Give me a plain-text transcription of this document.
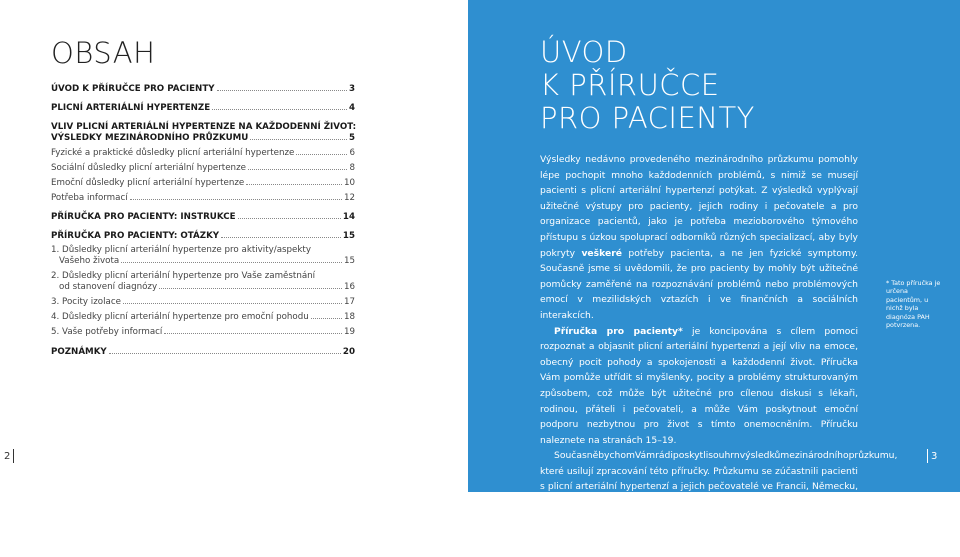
OBSAH
ÚVOD K PŘÍRUČCE PRO PACIENTY	3
PLICNÍ ARTERIÁLNÍ HYPERTENZE	4
VLIV PLICNÍ ARTERIÁLNÍ HYPERTENZE NA KAŽDODENNÍ ŽIVOT:
VÝSLEDKY MEZINÁRODNÍHO PRŮZKUMU	5
Fyzické a praktické důsledky plicní arteriální hypertenze	6
Sociální důsledky plicní arteriální hypertenze	8
Emoční důsledky plicní arteriální hypertenze	10
Potřeba informací	12
PŘÍRUČKA PRO PACIENTY: INSTRUKCE	14
PŘÍRUČKA PRO PACIENTY: OTÁZKY	15
1. Důsledky plicní arteriální hypertenze pro aktivity/aspekty
Vašeho života	15
2. Důsledky plicní arteriální hypertenze pro Vaše zaměstnání
od stanovení diagnózy	16
3. Pocity izolace	17
4. Důsledky plicní arteriální hypertenze pro emoční pohodu	18
5. Vaše potřeby informací	19
POZNÁMKY	20
2
ÚVOD
K PŘÍRUČCE
PRO PACIENTY

Výsledky nedávno provedeného mezinárodního průzkumu pomohly lépe pochopit mnoho každodenních problémů, s nimiž se musejí pacienti s plicní arteriální hypertenzí potýkat. Z výsledků vyplývají užitečné výstupy pro pacienty, jejich rodiny i pečovatele a pro organizace pacientů, jako je potřeba mezioborového týmového přístupu s úzkou spoluprací odborníků různých specializací, aby byly pokryty veškeré potřeby pacienta, a ne jen fyzické symptomy. Současně jsme si uvědomili, že pro pacienty by mohly být užitečné pomůcky zaměřené na rozpoznávání problémů nebo problémových emocí v mezilidských vztazích i ve finančních a sociálních interakcích.

Příručka pro pacienty* je koncipována s cílem pomoci rozpoznat a objasnit plicní arteriální hypertenzi a její vliv na emoce, obecný pocit pohody a spokojenosti a každodenní život. Příručka Vám pomůže utřídit si myšlenky, pocity a problémy strukturovaným způsobem, což může být užitečné pro cílenou diskusi s lékaři, rodinou, přáteli i pečovateli, a může Vám poskytnout emoční podporu nezbytnou pro život s tímto onemocněním. Příručku naleznete na stranách 15–19.

SoučasněbychomVámrádiposkytlisouhrnvýsledkůmezinárodníhoprůzkumu, které usilují zpracování této příručky. Průzkumu se zúčastnili pacienti s plicní arteriální hypertenzí a jejich pečovatelé ve Francii, Německu, Itálii, Španělsku a ve Velké Británii, kteří byli do průzkumu zařazeni z registrů národních organizací pacientů. Úplné výsledky průzkumu lze najít na internetové adrese: http://www.phaeurope.org/projects-activities/pah-patient-and-carer-survey/).

* Tato příručka je určena pacientům, u nichž byla diagnóza PAH potvrzena.
3
